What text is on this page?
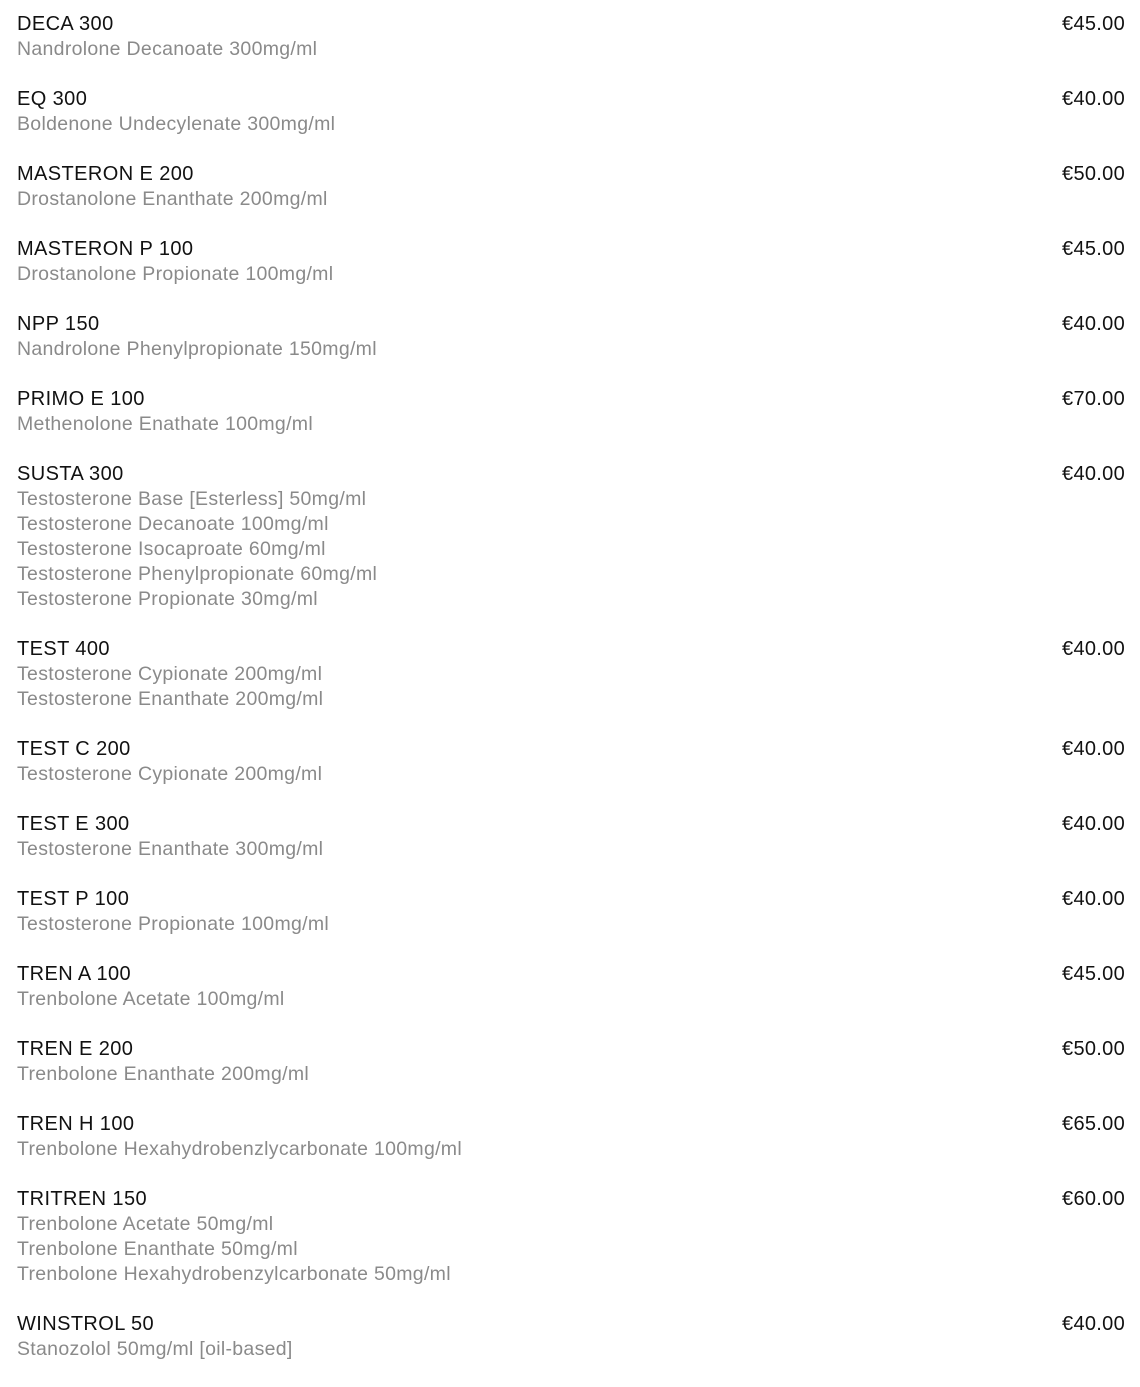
DECA 300	€45.00
Nandrolone Decanoate 300mg/ml
EQ 300	€40.00
Boldenone Undecylenate 300mg/ml
MASTERON E 200	€50.00
Drostanolone Enanthate 200mg/ml
MASTERON P 100	€45.00
Drostanolone Propionate 100mg/ml
NPP 150	€40.00
Nandrolone Phenylpropionate 150mg/ml
PRIMO E 100	€70.00
Methenolone Enathate 100mg/ml
SUSTA 300	€40.00
Testosterone Base [Esterless] 50mg/ml
Testosterone Decanoate 100mg/ml
Testosterone Isocaproate 60mg/ml
Testosterone Phenylpropionate 60mg/ml
Testosterone Propionate 30mg/ml
TEST 400	€40.00
Testosterone Cypionate 200mg/ml
Testosterone Enanthate 200mg/ml
TEST C 200	€40.00
Testosterone Cypionate 200mg/ml
TEST E 300	€40.00
Testosterone Enanthate 300mg/ml
TEST P 100	€40.00
Testosterone Propionate 100mg/ml
TREN A 100	€45.00
Trenbolone Acetate 100mg/ml
TREN E 200	€50.00
Trenbolone Enanthate 200mg/ml
TREN H 100	€65.00
Trenbolone Hexahydrobenzlycarbonate 100mg/ml
TRITREN 150	€60.00
Trenbolone Acetate 50mg/ml
Trenbolone Enanthate 50mg/ml
Trenbolone Hexahydrobenzylcarbonate 50mg/ml
WINSTROL 50	€40.00
Stanozolol 50mg/ml [oil-based]
